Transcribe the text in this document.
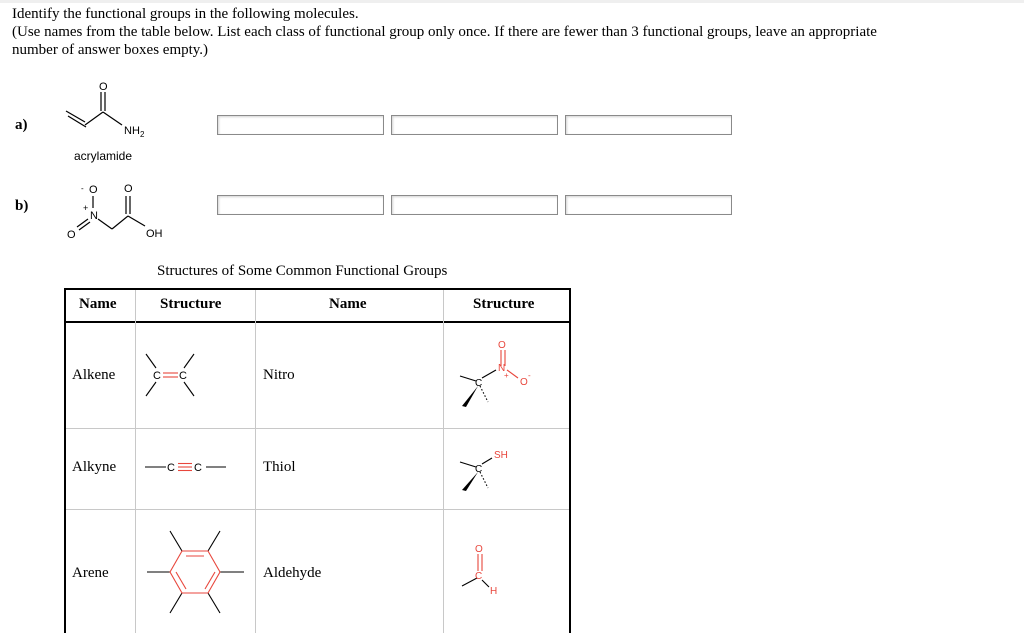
Identify the functional groups in the following molecules.
(Use names from the table below. List each class of functional group only once. If there are fewer than 3 functional groups, leave an appropriate
number of answer boxes empty.)
a)
O
NH 2
acrylamide
b)
- O O
+
N
O	OH
Structures of Some Common Functional Groups
Name	Structure	Name	Structure
Alkene	C C	Nitro
C
O
N
+
O
-
Alkyne	C C	Thiol	C
SH
Arene	Aldehyde
O
C
H
